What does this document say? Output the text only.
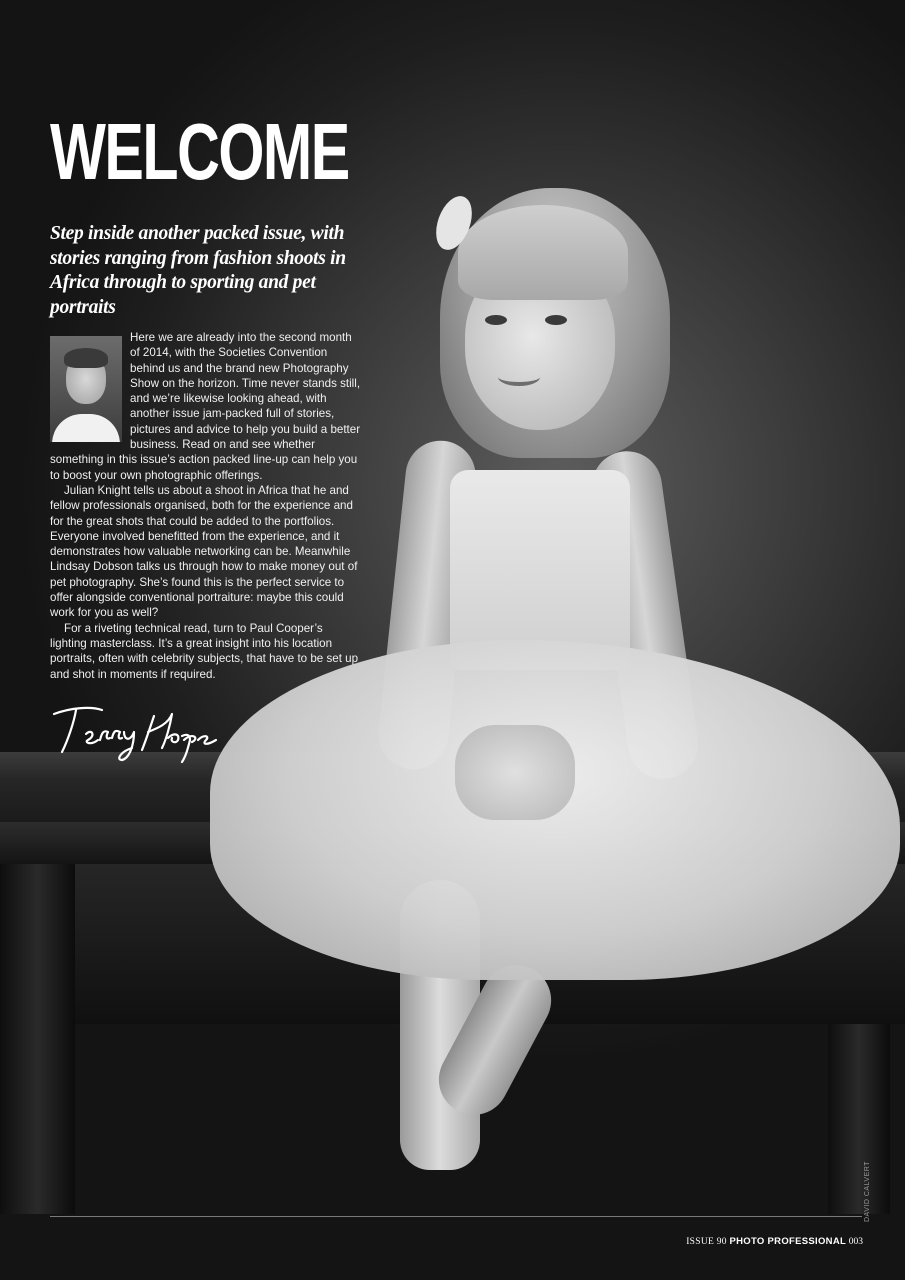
WELCOME

Step inside another packed issue, with stories ranging from fashion shoots in Africa through to sporting and pet portraits

Here we are already into the second month of 2014, with the Societies Convention behind us and the brand new Photography Show on the horizon. Time never stands still, and we’re likewise looking ahead, with another issue jam-packed full of stories, pictures and advice to help you build a better business. Read on and see whether something in this issue’s action packed line-up can help you to boost your own photographic offerings.

Julian Knight tells us about a shoot in Africa that he and fellow professionals organised, both for the experience and for the great shots that could be added to the portfolios. Everyone involved benefitted from the experience, and it demonstrates how valuable networking can be. Meanwhile Lindsay Dobson talks us through how to make money out of pet photography. She’s found this is the perfect service to offer alongside conventional portraiture: maybe this could work for you as well?

For a riveting technical read, turn to Paul Cooper’s lighting masterclass. It’s a great insight into his location portraits, often with celebrity subjects, that have to be set up and shot in moments if required.

DAVID CALVERT
ISSUE 90 PHOTO PROFESSIONAL 003
